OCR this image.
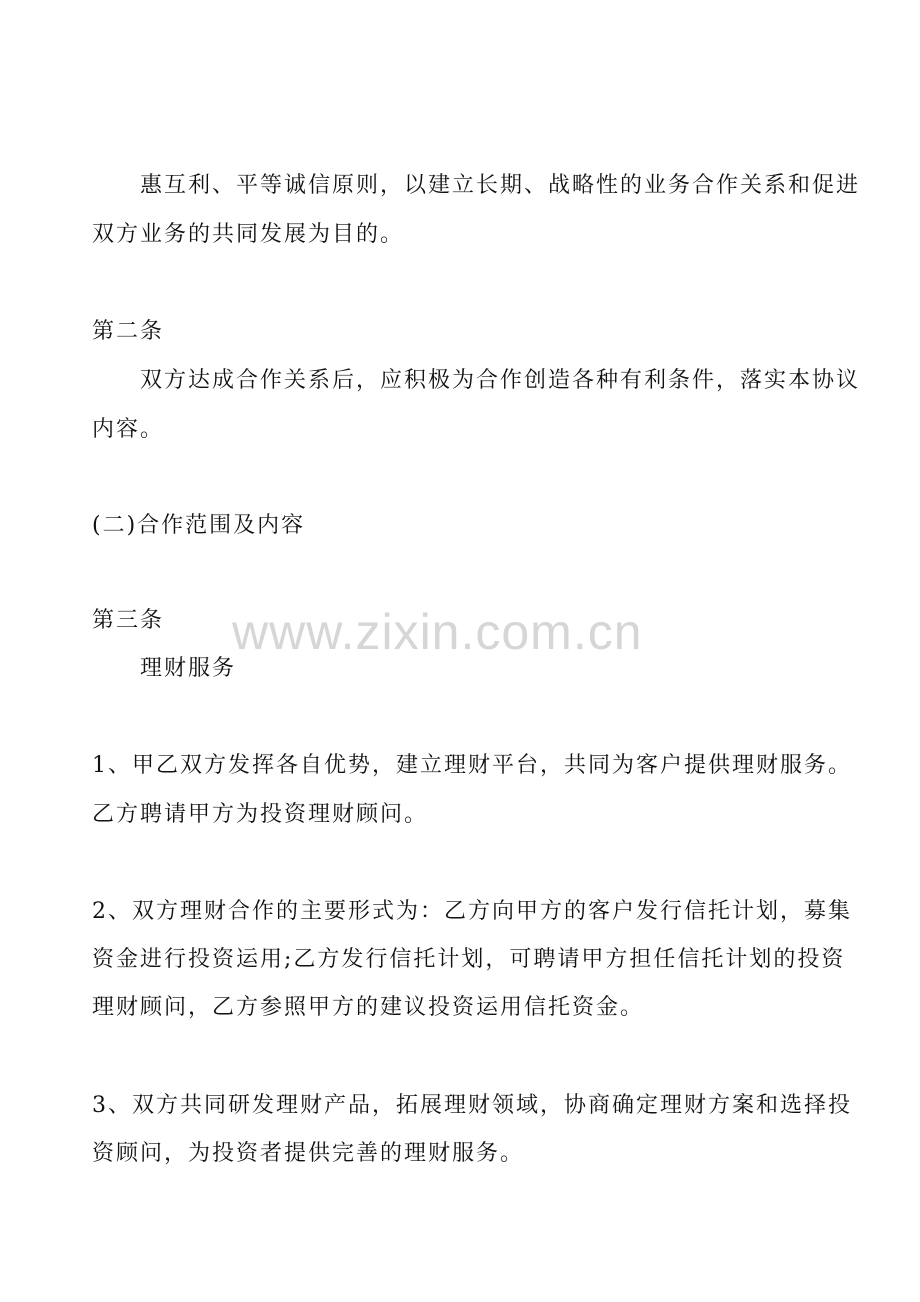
惠互利、平等诚信原则，以建立长期、战略性的业务合作关系和促进
双方业务的共同发展为目的。
第二条
双方达成合作关系后，应积极为合作创造各种有利条件，落实本协议
内容。
(二)合作范围及内容
第三条
理财服务
1、甲乙双方发挥各自优势，建立理财平台，共同为客户提供理财服务。
乙方聘请甲方为投资理财顾问。
2、双方理财合作的主要形式为：乙方向甲方的客户发行信托计划，募集
资金进行投资运用;乙方发行信托计划，可聘请甲方担任信托计划的投资
理财顾问，乙方参照甲方的建议投资运用信托资金。
3、双方共同研发理财产品，拓展理财领域，协商确定理财方案和选择投
资顾问，为投资者提供完善的理财服务。
www.zixin.com.cn
